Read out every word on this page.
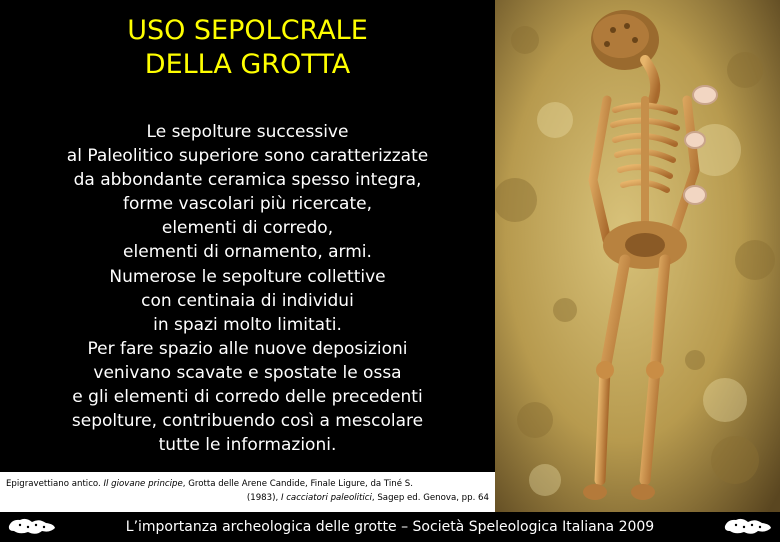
USO SEPOLCRALE
DELLA GROTTA
Le sepolture successive
al Paleolitico superiore sono caratterizzate
da abbondante ceramica spesso integra,
forme vascolari più ricercate,
elementi di corredo,
elementi di ornamento, armi.
Numerose le sepolture collettive
con centinaia di individui
in spazi molto limitati.
Per fare spazio alle nuove deposizioni
venivano scavate e spostate le ossa
e gli elementi di corredo delle precedenti
sepolture, contribuendo così a mescolare
tutte le informazioni.
Epigravettiano antico. Il giovane principe, Grotta delle Arene Candide, Finale Ligure, da Tiné S.
(1983), I cacciatori paleolitici, Sagep ed. Genova, pp. 64
L’importanza archeologica delle grotte – Società Speleologica Italiana 2009
